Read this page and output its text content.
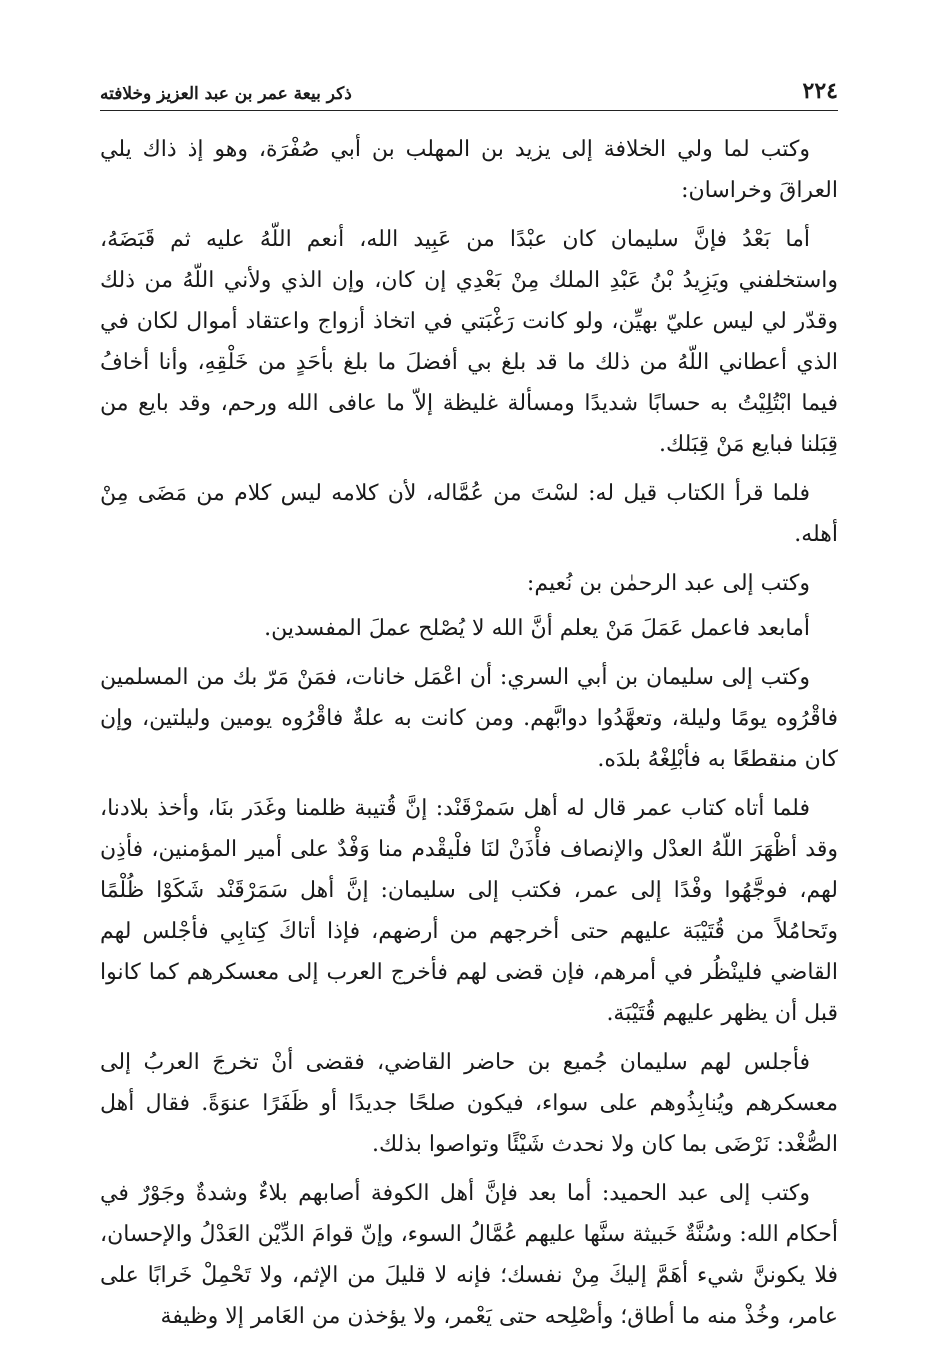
٢٢٤
ذكر بيعة عمر بن عبد العزيز وخلافته

وكتب لما ولي الخلافة إلى يزيد بن المهلب بن أبي صُفْرَة، وهو إذ ذاك يلي العراقَ وخراسان:

أما بَعْدُ فإنَّ سليمان كان عبْدًا من عَبِيد الله، أنعم اللّهُ عليه ثم قَبَضَهُ، واستخلفني ويَزِيدُ بْنُ عَبْدِ الملك مِنْ بَعْدِي إن كان، وإن الذي ولأني اللّهُ من ذلك وقدّر لي ليس عليّ بهيِّن، ولو كانت رَغْبَتي في اتخاذ أزواج واعتقاد أموال لكان في الذي أعطاني اللّهُ من ذلك ما قد بلغ بي أفضلَ ما بلغ بأحَدٍ من خَلْقِهِ، وأنا أخافُ فيما ابْتُلِيْتُ به حسابًا شديدًا ومسألة غليظة إلاّ ما عافى الله ورحم، وقد بايع من قِبَلنا فبايع مَنْ قِبَلك.

فلما قرأ الكتاب قيل له: لسْتَ من عُمَّاله، لأن كلامه ليس كلام من مَضَى مِنْ أهله.

وكتب إلى عبد الرحمٰن بن نُعيم:

أمابعد فاعمل عَمَلَ مَنْ يعلم أنَّ الله لا يُصْلح عملَ المفسدين.

وكتب إلى سليمان بن أبي السري: أن اعْمَل خانات، فمَنْ مَرّ بك من المسلمين فاقْرُوه يومًا وليلة، وتعهَّدُوا دوابَّهم. ومن كانت به علةٌ فاقْرُوه يومين وليلتين، وإن كان منقطعًا به فأبْلِغْهُ بلدَه.

فلما أتاه كتاب عمر قال له أهل سَمرْقَنْد: إنَّ قُتيبة ظلمنا وغَدَر بنَا، وأخذ بلادنا، وقد أظْهَرَ اللّهُ العدْل والإنصاف فأْذَنْ لنَا فلْيقْدم منا وَفْدٌ على أمير المؤمنين، فأذِن لهم، فوجَّهُوا وفْدًا إلى عمر، فكتب إلى سليمان: إنَّ أهل سَمَرْقَنْد شَكَوْا ظُلْمًا وتَحامُلاً من قُتَيْبَة عليهم حتى أخرجهم من أرضهم، فإذا أتاكَ كِتابِي فأجْلس لهم القاضي فلينْظُر في أمرهم، فإن قضى لهم فأخرج العرب إلى معسكرهم كما كانوا قبل أن يظهر عليهم قُتَيْبَة.

فأجلس لهم سليمان جُميع بن حاضر القاضي، فقضى أنْ تخرجَ العربُ إلى معسكرهم ويُنابِذُوهم على سواء، فيكون صلحًا جديدًا أو ظَفَرًا عنوَةً. فقال أهل الصُّغْد: نَرْضَى بما كان ولا نحدث شَيْئًا وتواصوا بذلك.

وكتب إلى عبد الحميد: أما بعد فإنَّ أهل الكوفة أصابهم بلاءٌ وشدةٌ وجَوْرٌ في أحكام الله: وسُنَّةٌ خَبيثة سنَّها عليهم عُمَّالُ السوء، وإنّ قوامَ الدِّيْن العَدْلُ والإحسان، فلا يكوننَّ شيء أهَمَّ إليكَ مِنْ نفسك؛ فإنه لا قليلَ من الإثم، ولا تَحْمِلْ خَرابًا على عامر، وخُذْ منه ما أطاق؛ وأصْلِحه حتى يَعْمر، ولا يؤخذن من العَامر إلا وظيفة
